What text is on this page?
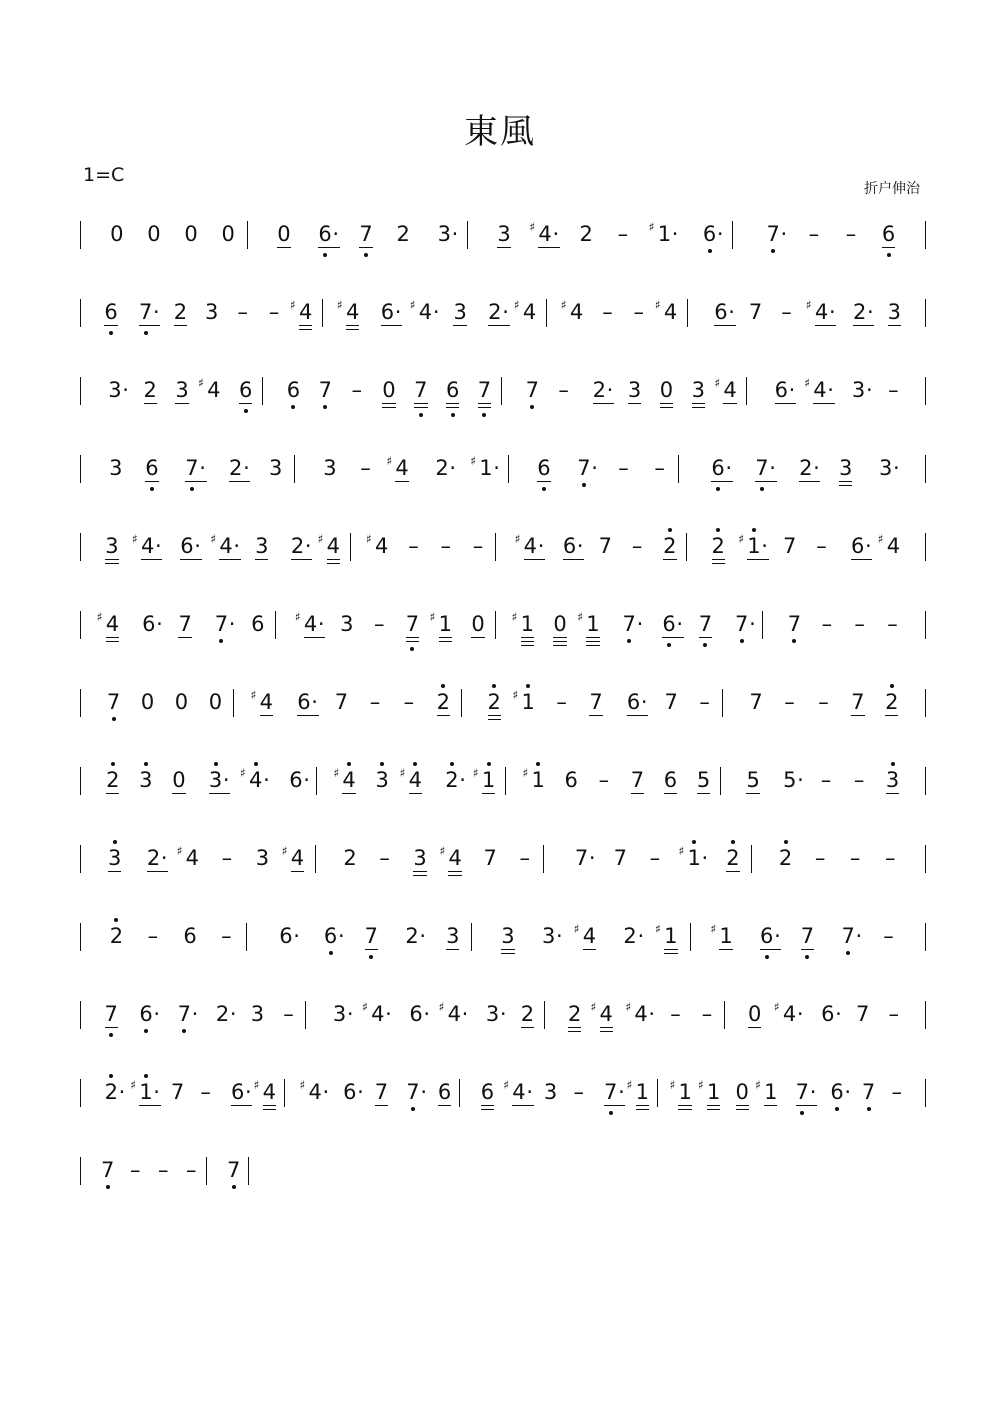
東風
1=C
折户伸治
0 0 0 0 0 6
· 7 2 3· 3 4
♯ · 2 – 1
♯ · 6
· 7
· – – 6
6 7
· 2 3 – – 4
♯ 4
♯ 6· 4
♯ · 3 2· 4
♯ 4
♯ – – 4
♯	6· 7 – 4
♯ · 2· 3
3· 2 3 4
♯ 6 6 7 – 0 7 6 7 7 – 2· 3 0 3 4
♯	6· 4
♯ · 3· –
3 6 7
· 2· 3 3 – 4
♯ 2· 1
♯ · 6 7
· – – 6
· 7
· 2· 3 3·
3 4
♯ · 6· 4
♯ · 3 2· 4
♯ 4
♯ – – – 4
♯ · 6· 7 – 2 2 1
♯ · 7 – 6· 4
♯
4
♯ 6· 7 7
· 6 4
♯ · 3 – 7 1
♯ 0 1
♯ 0 1
♯ 7
· 6
· 7 7
· 7 – – –
7 0 0 0 4
♯ 6· 7 – – 2 2 1
♯ – 7 6· 7 – 7 – – 7 2
2 3 0 3
· 4
♯ · 6· 4
♯ 3 4
♯ 2
· 1
♯	1
♯ 6 – 7 6 5 5 5· – – 3
3 2· 4
♯ – 3 4
♯	2 – 3 4
♯ 7 – 7· 7 – 1
♯ · 2 2 – – –
2 – 6 – 6· 6
· 7 2· 3 3 3· 4
♯ 2· 1
♯	1
♯ 6
· 7 7
· –
7 6
· 7
· 2· 3 – 3· 4
♯ · 6· 4
♯ · 3· 2 2 4
♯ 4
♯ · – – 0 4
♯ · 6· 7 –
2
· 1
♯ · 7 – 6· 4
♯ 4
♯ · 6· 7 7
· 6 6 4
♯ · 3 – 7
· 1
♯ 1
♯ 1
♯ 0 1
♯ 7
· 6
· 7 –
7 – – – 7
